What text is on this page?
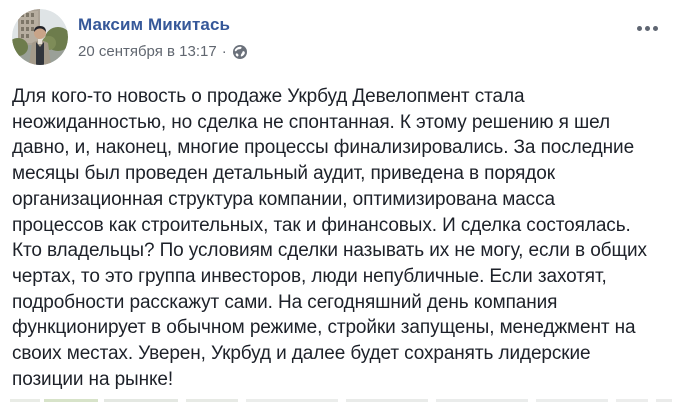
Максим Микитась
20 сентября в 13:17 ·
Для кого-то новость о продаже Укрбуд Девелопмент стала
неожиданностью, но сделка не спонтанная. К этому решению я шел
давно, и, наконец, многие процессы финализировались. За последние
месяцы был проведен детальный аудит, приведена в порядок
организационная структура компании, оптимизирована масса
процессов как строительных, так и финансовых. И сделка состоялась.
Кто владельцы? По условиям сделки называть их не могу, если в общих
чертах, то это группа инвесторов, люди непубличные. Если захотят,
подробности расскажут сами. На сегодняшний день компания
функционирует в обычном режиме, стройки запущены, менеджмент на
своих местах. Уверен, Укрбуд и далее будет сохранять лидерские
позиции на рынке!
